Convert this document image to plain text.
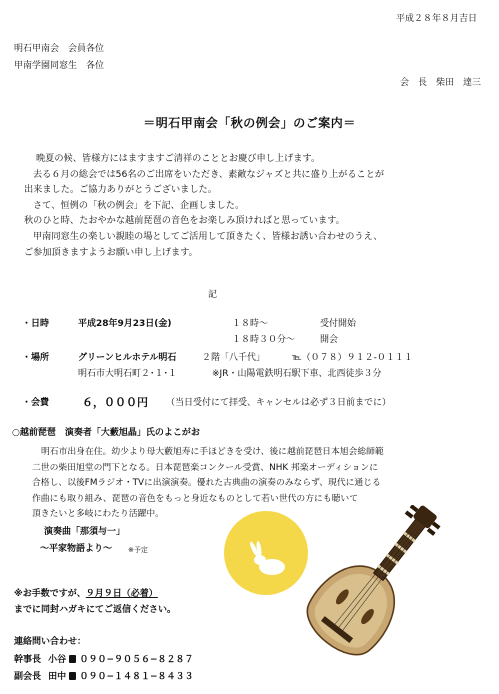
平成２８年８月吉日
明石甲南会　会員各位
甲南学園同窓生　各位
会　長　柴田　達三
＝明石甲南会「秋の例会」のご案内＝

晩夏の候、皆様方にはますますご清祥のこととお慶び申し上げます。

去る６月の総会では56名のご出席をいただき、素敵なジャズと共に盛り上がることが

出来ました。ご協力ありがとうございました。

さて、恒例の「秋の例会」を下記、企画しました。

秋のひと時、たおやかな越前琵琶の音色をお楽しみ頂ければと思っています。

甲南同窓生の楽しい親睦の場としてご活用して頂きたく、皆様お誘い合わせのうえ、

ご参加頂きますようお願い申し上げます。

記
・日時	平成28年9月23日(金)	１８時〜	受付開始
１８時３０分〜	開会
・場所	グリーンヒルホテル明石	２階「八千代」	℡（０７８）９１２-０１１１
明石市大明石町２･１･１	※JR・山陽電鉄明石駅下車、北西徒歩３分
・会費	６，０００円 （当日受付にて拝受、キャンセルは必ず３日前までに）
○越前琵琶　演奏者「大藪旭晶」氏のよこがお

明石市出身在住。幼少より母大藪旭寿に手ほどきを受け、後に越前琵琶日本旭会総師範

二世の柴田旭堂の門下となる。日本琵琶楽コンクール受賞、NHK 邦楽オーディションに

合格し、以後FMラジオ・TVに出演演奏。優れた古典曲の演奏のみならず、現代に通じる

作曲にも取り組み、琵琶の音色をもっと身近なものとして若い世代の方にも聴いて

頂きたいと多岐にわたり活躍中。

演奏曲「那須与一」
〜平家物語より〜 ※予定
※お手数ですが、９月９日（必着）
までに同封ハガキにてご返信ください。
連絡問い合わせ：
幹事長 小谷 ０９０−９０５６−８２８７
副会長 田中 ０９０−１４８１−８４３３
